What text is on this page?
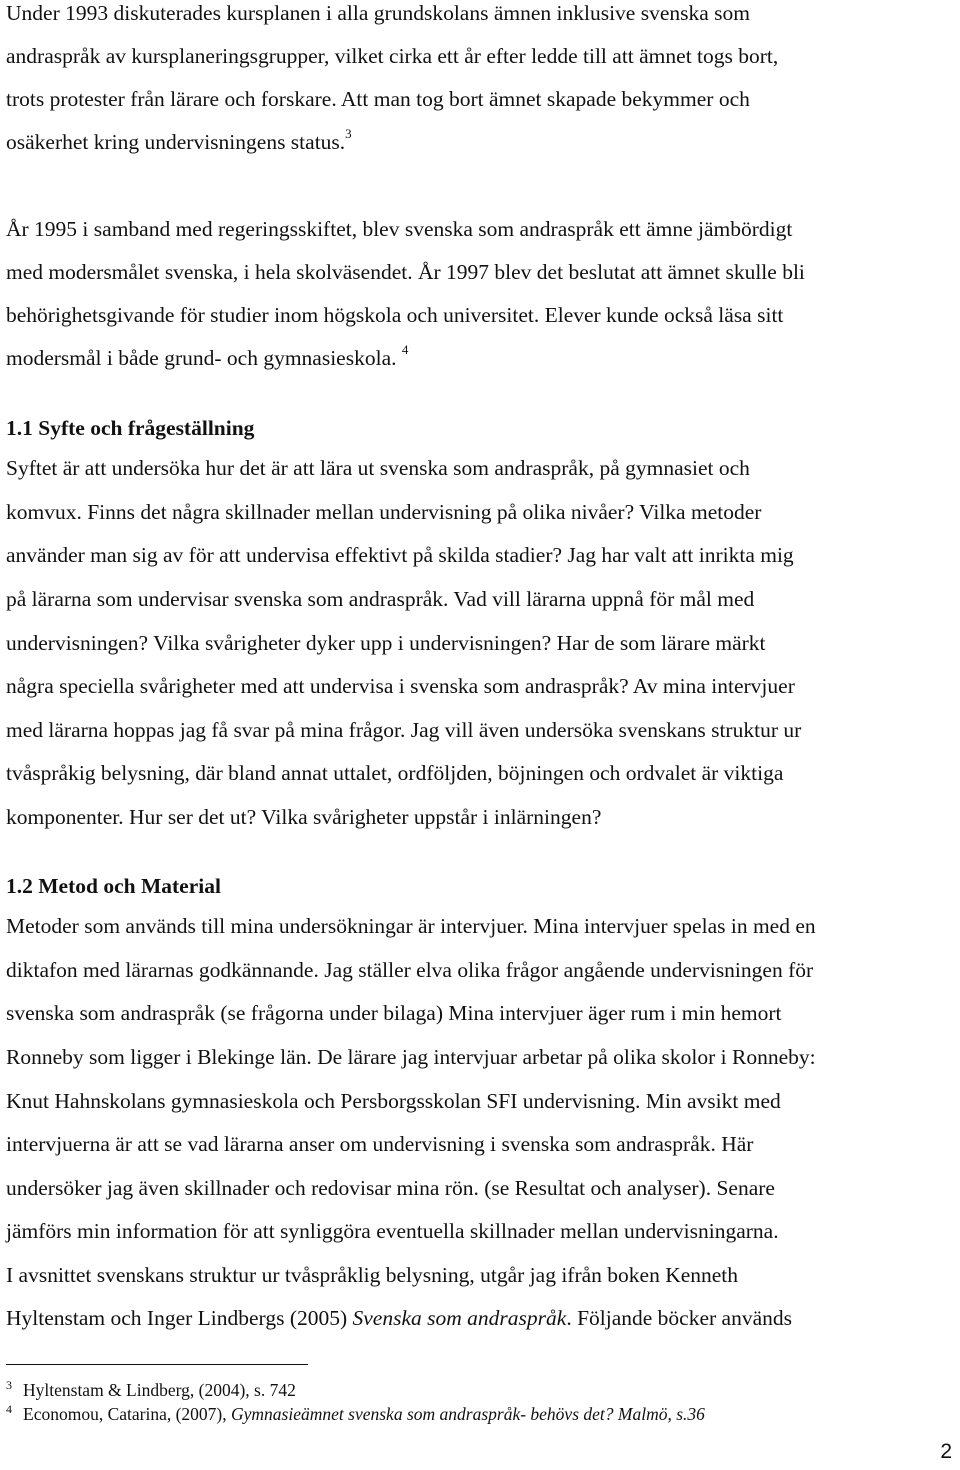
Under 1993 diskuterades kursplanen i alla grundskolans ämnen inklusive svenska som
andraspråk av kursplaneringsgrupper, vilket cirka ett år efter ledde till att ämnet togs bort,
trots protester från lärare och forskare. Att man tog bort ämnet skapade bekymmer och
osäkerhet kring undervisningens status.$^3$
År 1995 i samband med regeringsskiftet, blev svenska som andraspråk ett ämne jämbördigt
med modersmålet svenska, i hela skolväsendet. År 1997 blev det beslutat att ämnet skulle bli
behörighetsgivande för studier inom högskola och universitet. Elever kunde också läsa sitt
modersmål i både grund- och gymnasieskola. $^4$
1.1 Syfte och frågeställning
Syftet är att undersöka hur det är att lära ut svenska som andraspråk, på gymnasiet och
komvux. Finns det några skillnader mellan undervisning på olika nivåer? Vilka metoder
använder man sig av för att undervisa effektivt på skilda stadier? Jag har valt att inrikta mig
på lärarna som undervisar svenska som andraspråk. Vad vill lärarna uppnå för mål med
undervisningen? Vilka svårigheter dyker upp i undervisningen? Har de som lärare märkt
några speciella svårigheter med att undervisa i svenska som andraspråk? Av mina intervjuer
med lärarna hoppas jag få svar på mina frågor. Jag vill även undersöka svenskans struktur ur
tvåspråkig belysning, där bland annat uttalet, ordföljden, böjningen och ordvalet är viktiga
komponenter. Hur ser det ut? Vilka svårigheter uppstår i inlärningen?
1.2 Metod och Material
Metoder som används till mina undersökningar är intervjuer. Mina intervjuer spelas in med en
diktafon med lärarnas godkännande. Jag ställer elva olika frågor angående undervisningen för
svenska som andraspråk (se frågorna under bilaga) Mina intervjuer äger rum i min hemort
Ronneby som ligger i Blekinge län. De lärare jag intervjuar arbetar på olika skolor i Ronneby:
Knut Hahnskolans gymnasieskola och Persborgsskolan SFI undervisning. Min avsikt med
intervjuerna är att se vad lärarna anser om undervisning i svenska som andraspråk. Här
undersöker jag även skillnader och redovisar mina rön. (se Resultat och analyser). Senare
jämförs min information för att synliggöra eventuella skillnader mellan undervisningarna.
I avsnittet svenskans struktur ur tvåspråklig belysning, utgår jag ifrån boken Kenneth
Hyltenstam och Inger Lindbergs (2005) Svenska som andraspråk. Följande böcker används
3 Hyltenstam & Lindberg, (2004), s. 742
4 Economou, Catarina, (2007), Gymnasieämnet svenska som andraspråk- behövs det? Malmö, s.36
2
